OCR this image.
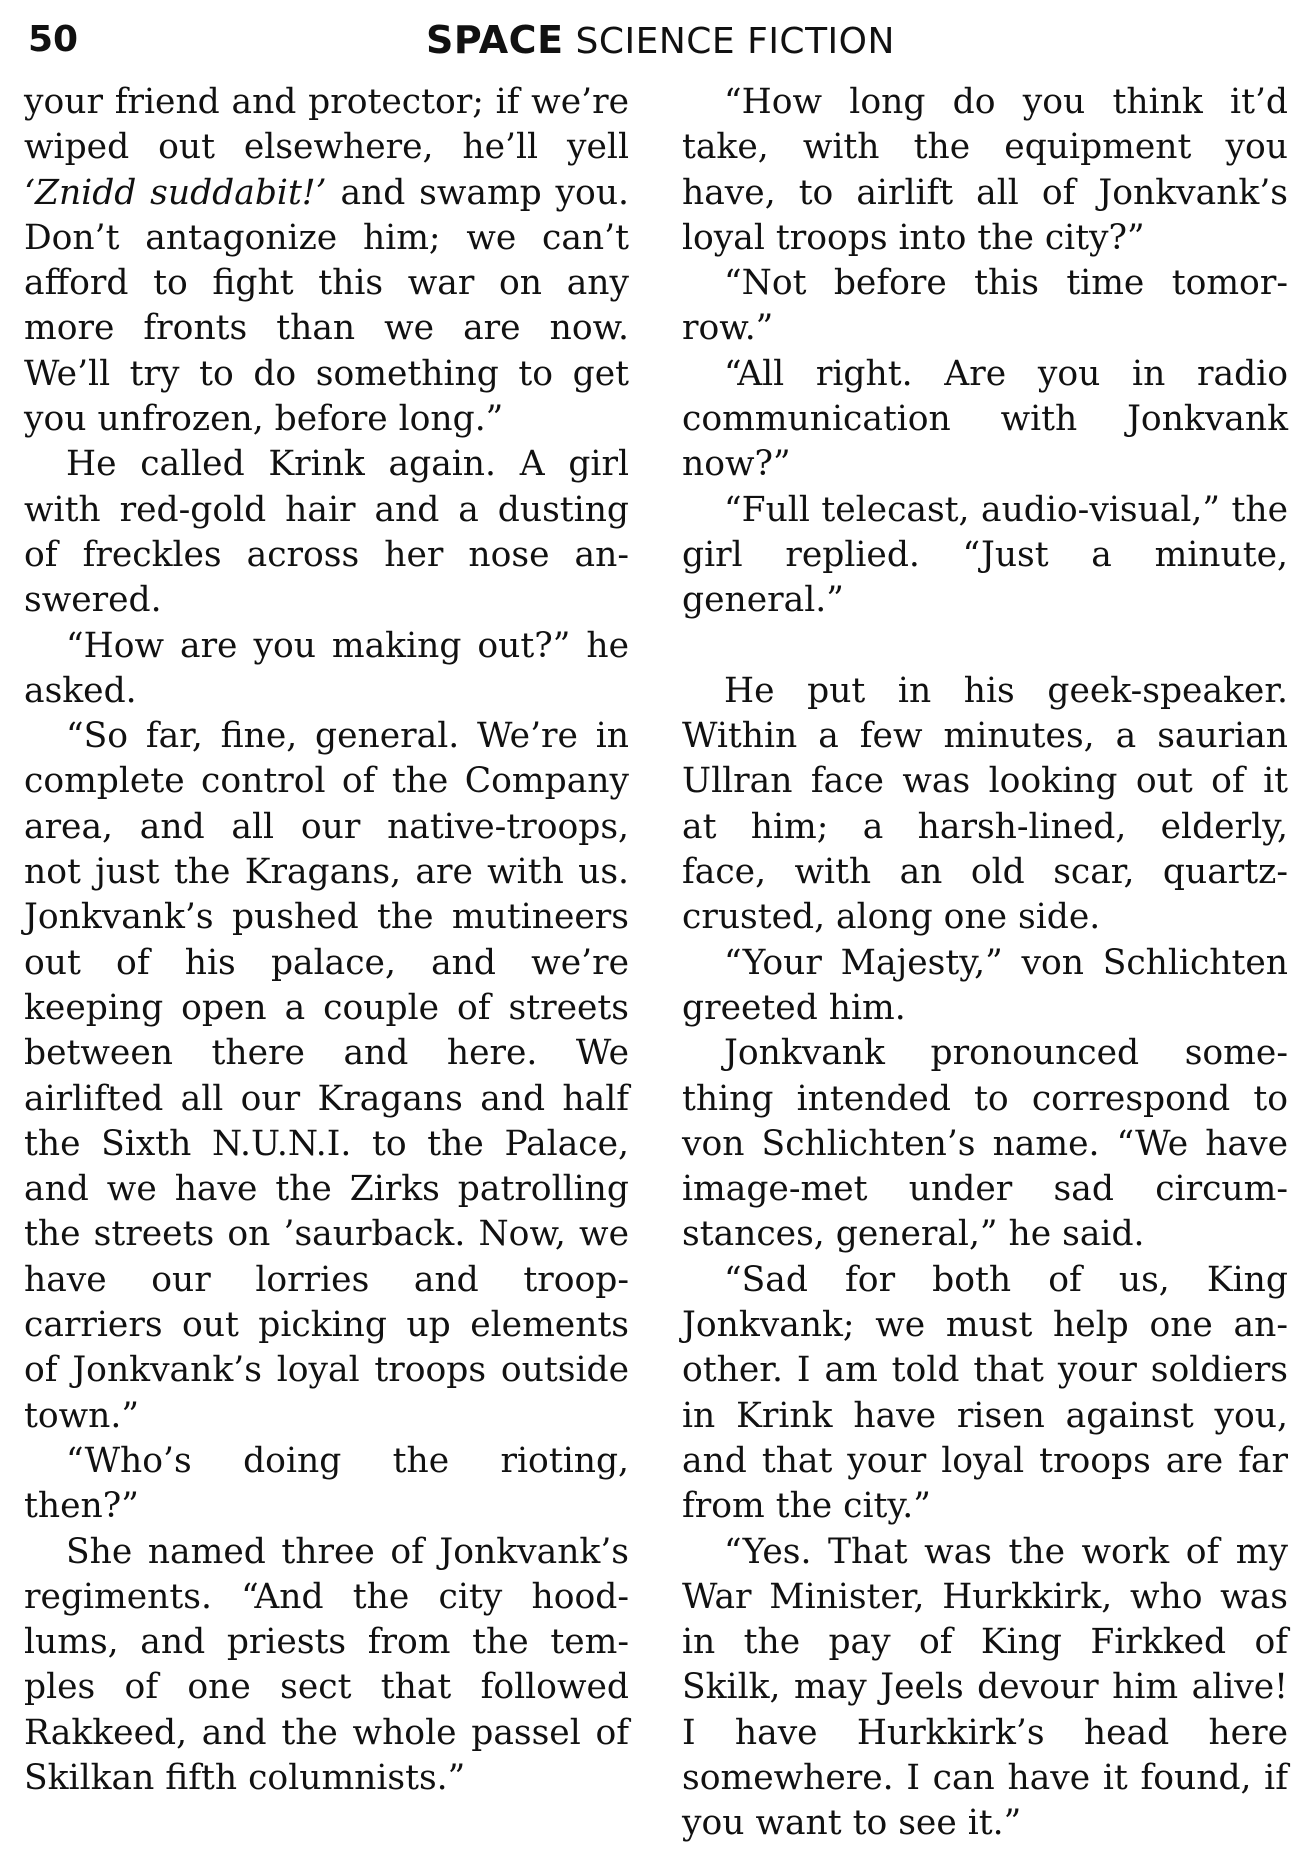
50	SPACE SCIENCE FICTION

your friend and protector; if we’re wiped out elsewhere, he’ll yell ‘Znidd suddabit!’ and swamp you. Don’t antagonize him; we can’t afford to fight this war on any more fronts than we are now. We’ll try to do something to get you unfrozen, before long.”

He called Krink again. A girl with red-gold hair and a dusting of freckles across her nose answered.

“How are you making out?” he asked.

“So far, fine, general. We’re in complete control of the Company area, and all our native-troops, not just the Kragans, are with us. Jonkvank’s pushed the mutineers out of his palace, and we’re keeping open a couple of streets between there and here. We airlifted all our Kragans and half the Sixth N.U.N.I. to the Palace, and we have the Zirks patrolling the streets on ’saurback. Now, we have our lorries and troop-carriers out picking up elements of Jonkvank’s loyal troops outside town.”

“Who’s doing the rioting, then?”

She named three of Jonkvank’s regiments. “And the city hoodlums, and priests from the temples of one sect that followed Rakkeed, and the whole passel of Skilkan fifth columnists.”

“How long do you think it’d take, with the equipment you have, to airlift all of Jonkvank’s loyal troops into the city?”

“Not before this time tomorrow.”

“All right. Are you in radio communication with Jonkvank now?”

“Full telecast, audio-visual,” the girl replied. “Just a minute, general.”

He put in his geek-speaker. Within a few minutes, a saurian Ullran face was looking out of it at him; a harsh-lined, elderly, face, with an old scar, quartz-crusted, along one side.

“Your Majesty,” von Schlichten greeted him.

Jonkvank pronounced something intended to correspond to von Schlichten’s name. “We have image-met under sad circumstances, general,” he said.

“Sad for both of us, King Jonkvank; we must help one another. I am told that your soldiers in Krink have risen against you, and that your loyal troops are far from the city.”

“Yes. That was the work of my War Minister, Hurkkirk, who was in the pay of King Firkked of Skilk, may Jeels devour him alive! I have Hurkkirk’s head here somewhere. I can have it found, if you want to see it.”
